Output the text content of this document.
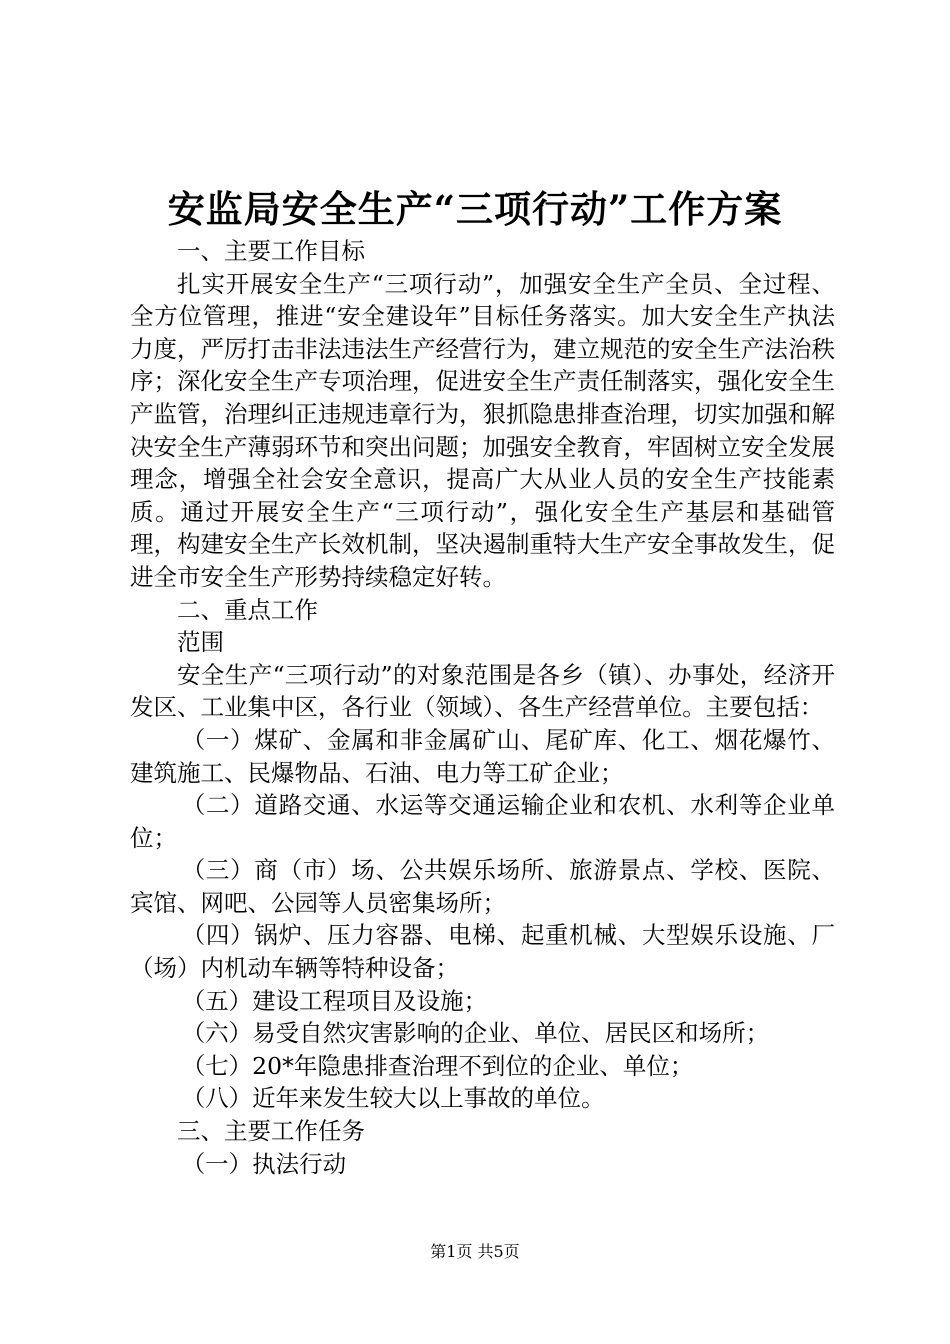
安监局安全生产“三项行动”工作方案

一、主要工作目标

扎实开展安全生产“三项行动”，加强安全生产全员、全过程、全方位管理，推进“安全建设年”目标任务落实。加大安全生产执法力度，严厉打击非法违法生产经营行为，建立规范的安全生产法治秩序；深化安全生产专项治理，促进安全生产责任制落实，强化安全生产监管，治理纠正违规违章行为，狠抓隐患排查治理，切实加强和解决安全生产薄弱环节和突出问题；加强安全教育，牢固树立安全发展理念，增强全社会安全意识，提高广大从业人员的安全生产技能素质。通过开展安全生产“三项行动”，强化安全生产基层和基础管理，构建安全生产长效机制，坚决遏制重特大生产安全事故发生，促进全市安全生产形势持续稳定好转。

二、重点工作

范围

安全生产“三项行动”的对象范围是各乡（镇）、办事处，经济开发区、工业集中区，各行业（领域）、各生产经营单位。主要包括：

（一）煤矿、金属和非金属矿山、尾矿库、化工、烟花爆竹、建筑施工、民爆物品、石油、电力等工矿企业；

（二）道路交通、水运等交通运输企业和农机、水利等企业单位；

（三）商（市）场、公共娱乐场所、旅游景点、学校、医院、宾馆、网吧、公园等人员密集场所；

（四）锅炉、压力容器、电梯、起重机械、大型娱乐设施、厂（场）内机动车辆等特种设备；

（五）建设工程项目及设施；

（六）易受自然灾害影响的企业、单位、居民区和场所；

（七）20*年隐患排查治理不到位的企业、单位；

（八）近年来发生较大以上事故的单位。

三、主要工作任务

（一）执法行动

第1页 共5页
